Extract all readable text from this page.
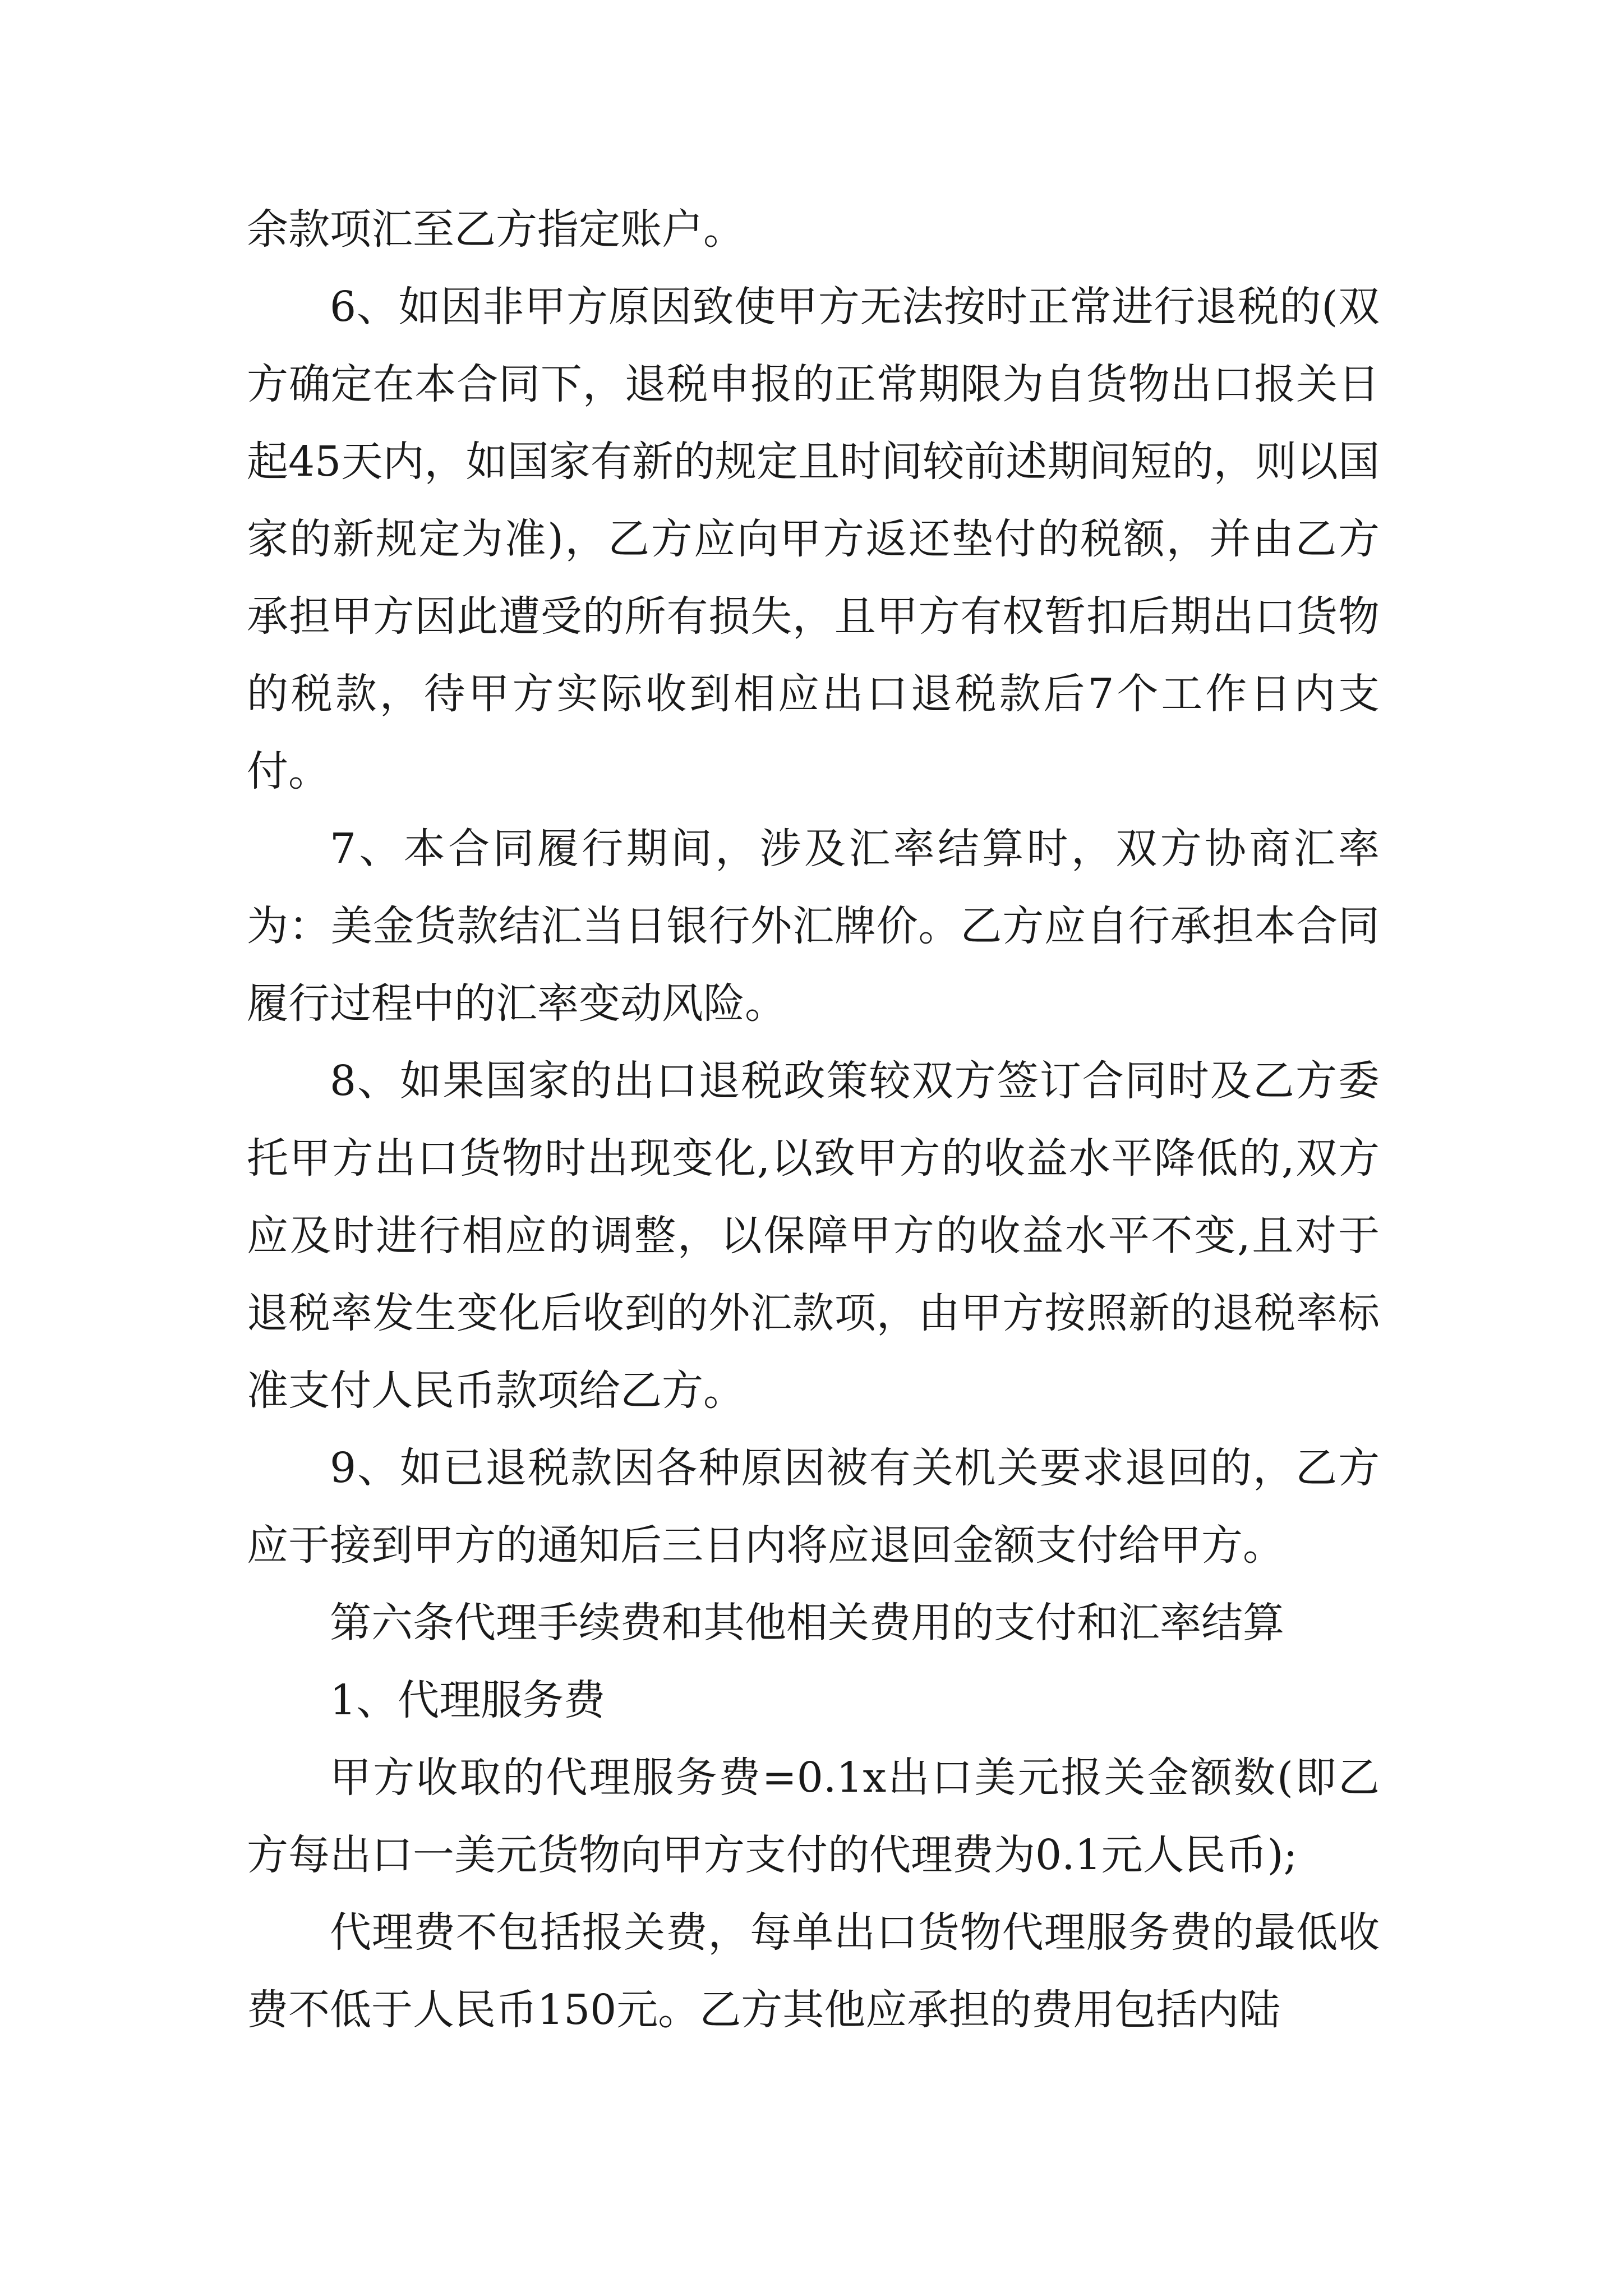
余款项汇至乙方指定账户。

6、如因非甲方原因致使甲方无法按时正常进行退税的(双方确定在本合同下，退税申报的正常期限为自货物出口报关日起45天内，如国家有新的规定且时间较前述期间短的，则以国家的新规定为准)，乙方应向甲方返还垫付的税额，并由乙方承担甲方因此遭受的所有损失，且甲方有权暂扣后期出口货物的税款，待甲方实际收到相应出口退税款后7个工作日内支付。

7、本合同履行期间，涉及汇率结算时，双方协商汇率为：美金货款结汇当日银行外汇牌价。乙方应自行承担本合同履行过程中的汇率变动风险。

8、如果国家的出口退税政策较双方签订合同时及乙方委托甲方出口货物时出现变化,以致甲方的收益水平降低的,双方应及时进行相应的调整，以保障甲方的收益水平不变,且对于退税率发生变化后收到的外汇款项，由甲方按照新的退税率标准支付人民币款项给乙方。

9、如已退税款因各种原因被有关机关要求退回的，乙方应于接到甲方的通知后三日内将应退回金额支付给甲方。

第六条代理手续费和其他相关费用的支付和汇率结算

1、代理服务费

甲方收取的代理服务费=0.1x出口美元报关金额数(即乙方每出口一美元货物向甲方支付的代理费为0.1元人民币);

代理费不包括报关费，每单出口货物代理服务费的最低收费不低于人民币150元。乙方其他应承担的费用包括内陆
